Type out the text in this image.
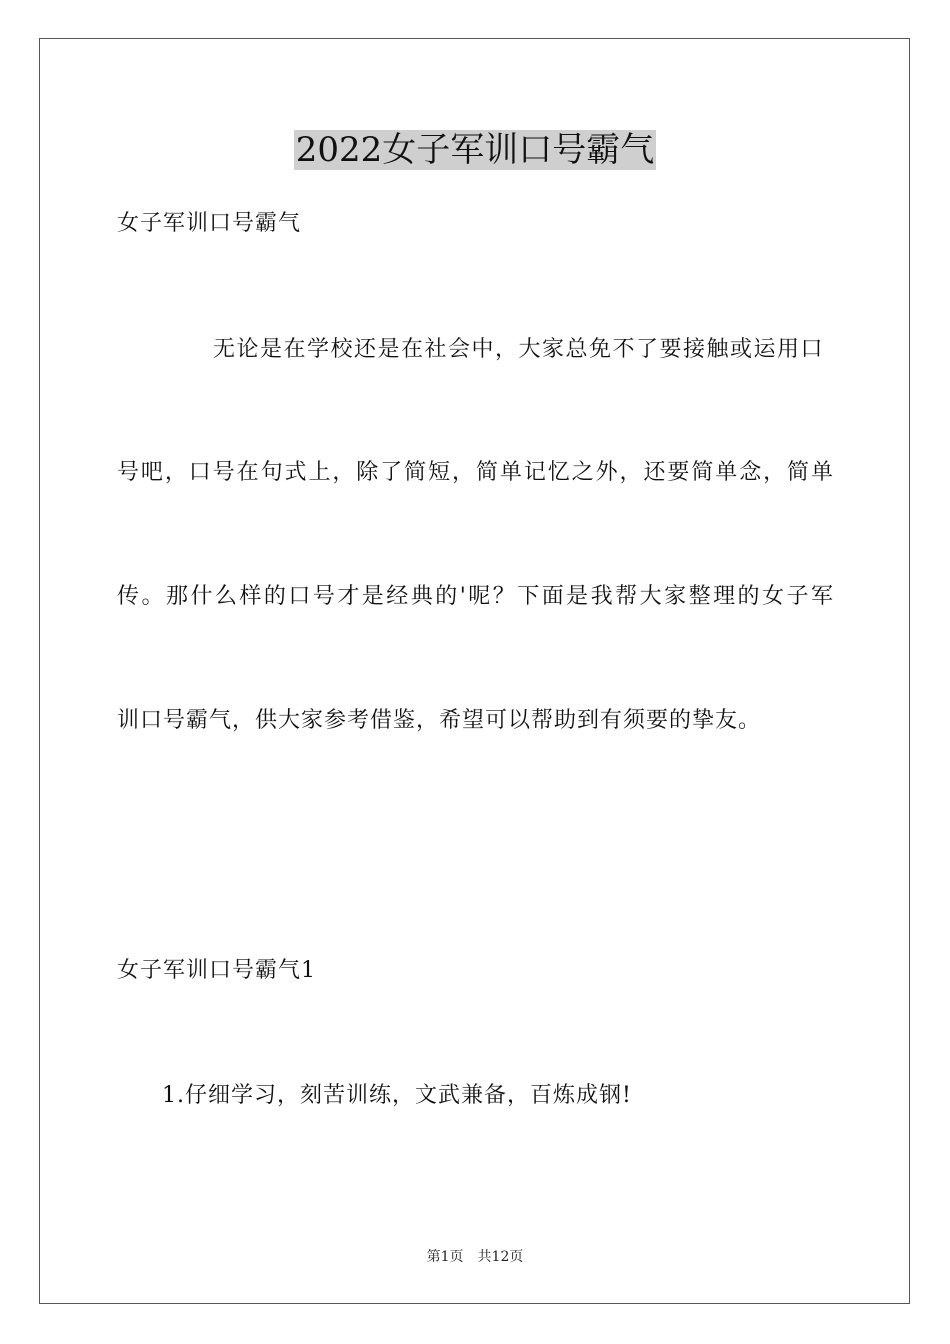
2022女子军训口号霸气

女子军训口号霸气

无论是在学校还是在社会中，大家总免不了要接触或运用口

号吧，口号在句式上，除了简短，简单记忆之外，还要简单念，简单

传。那什么样的口号才是经典的'呢？下面是我帮大家整理的女子军

训口号霸气，供大家参考借鉴，希望可以帮助到有须要的挚友。

女子军训口号霸气1

1.仔细学习，刻苦训练，文武兼备，百炼成钢!

第1页　共12页
